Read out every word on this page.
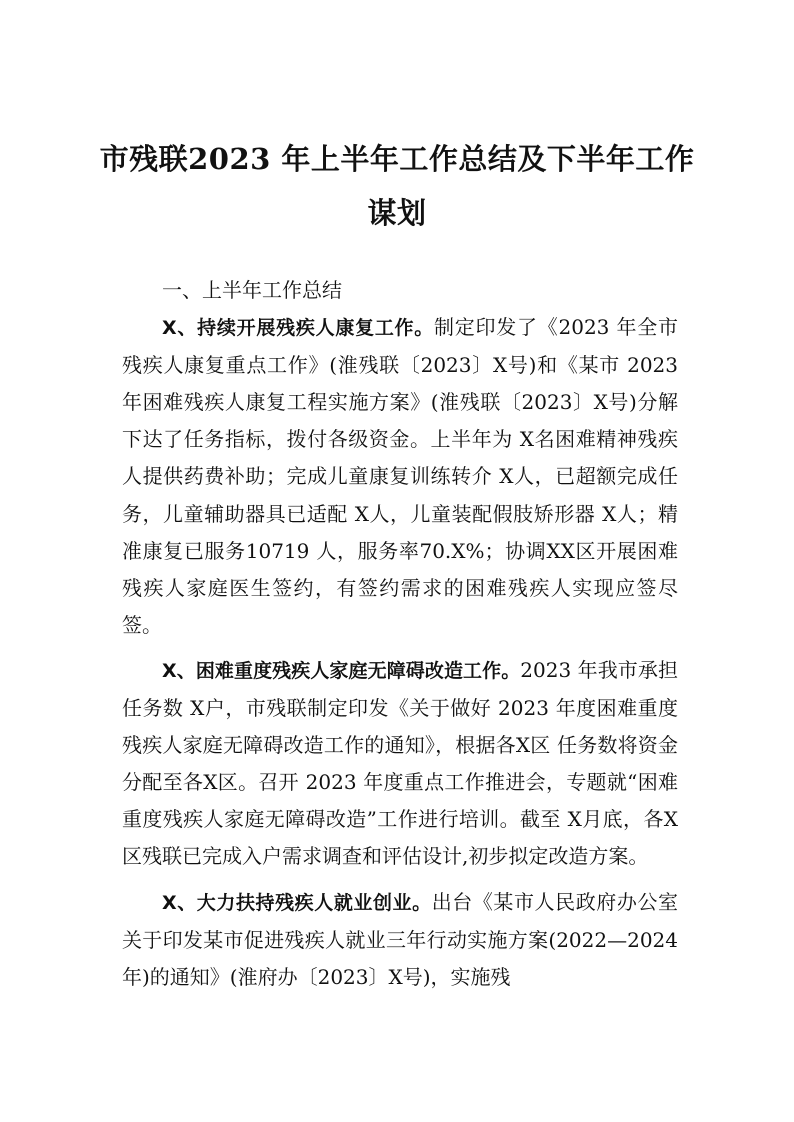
市残联2023 年上半年工作总结及下半年工作谋划

一、上半年工作总结

X、持续开展残疾人康复工作。制定印发了《2023 年全市残疾人康复重点工作》(淮残联〔2023〕X号)和《某市 2023 年困难残疾人康复工程实施方案》(淮残联〔2023〕X号)分解下达了任务指标，拨付各级资金。上半年为 X名困难精神残疾人提供药费补助；完成儿童康复训练转介 X人，已超额完成任务，儿童辅助器具已适配 X人，儿童装配假肢矫形器 X人；精准康复已服务10719 人，服务率70.X%；协调XX区开展困难残疾人家庭医生签约，有签约需求的困难残疾人实现应签尽签。

X、困难重度残疾人家庭无障碍改造工作。2023 年我市承担任务数 X户，市残联制定印发《关于做好 2023 年度困难重度残疾人家庭无障碍改造工作的通知》，根据各X区 任务数将资金分配至各X区。召开 2023 年度重点工作推进会，专题就“困难重度残疾人家庭无障碍改造”工作进行培训。截至 X月底，各X区残联已完成入户需求调查和评估设计,初步拟定改造方案。

X、大力扶持残疾人就业创业。出台《某市人民政府办公室关于印发某市促进残疾人就业三年行动实施方案(2022—2024 年)的通知》(淮府办〔2023〕X号)，实施残
